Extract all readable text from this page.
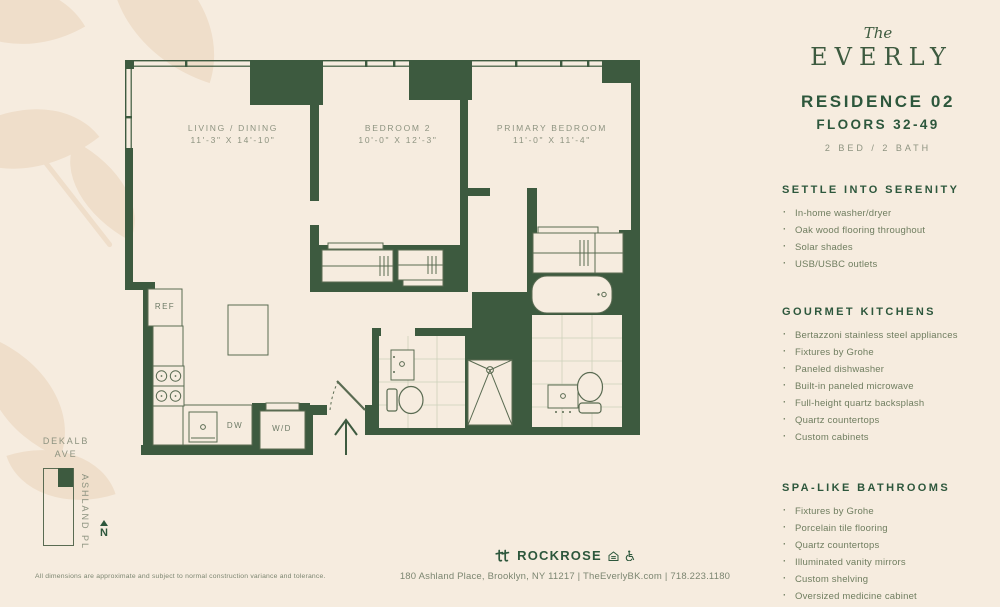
LIVING / DINING
11'-3" X 14'-10"
BEDROOM 2
10'-0" X 12'-3"
PRIMARY BEDROOM
11'-0" X 11'-4"
REF
DW	W/D
DEKALB AVE
ASHLAND PL N
The
EVERLY
RESIDENCE 02
FLOORS 32-49
2 BED / 2 BATH
SETTLE INTO SERENITY
· In-home washer/dryer
· Oak wood flooring throughout
· Solar shades
· USB/USBC outlets
GOURMET KITCHENS
· Bertazzoni stainless steel appliances
· Fixtures by Grohe
· Paneled dishwasher
· Built-in paneled microwave
· Full-height quartz backsplash
· Quartz countertops
· Custom cabinets
SPA-LIKE BATHROOMS
· Fixtures by Grohe
· Porcelain tile flooring
· Quartz countertops
· Illuminated vanity mirrors
· Custom shelving
· Oversized medicine cabinet
All dimensions are approximate and subject to normal construction variance and tolerance.
ROCKROSE
180 Ashland Place, Brooklyn, NY 11217 | TheEverlyBK.com | 718.223.1180
